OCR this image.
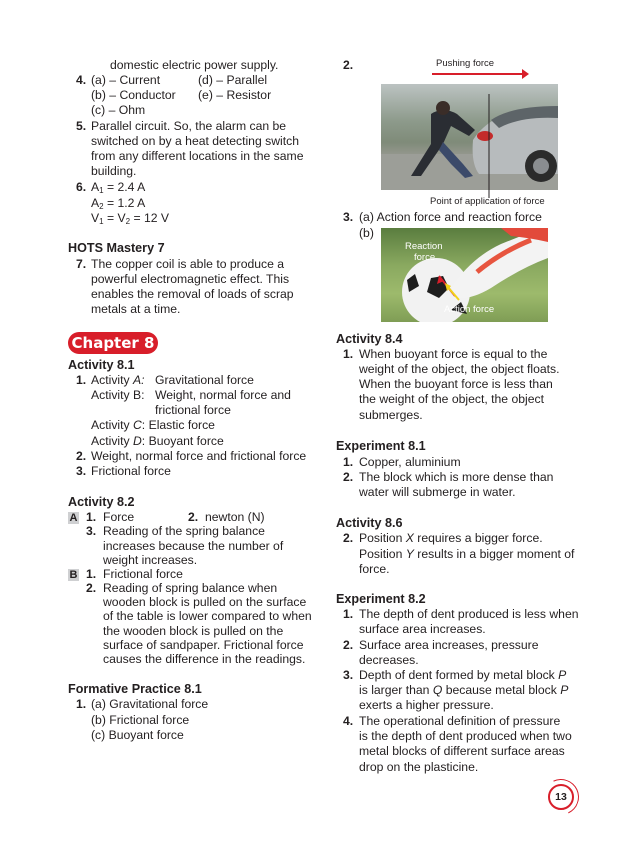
domestic electric power supply.
4. (a) – Current	(d) – Parallel
(b) – Conductor (e) – Resistor
(c) – Ohm
5. Parallel circuit. So, the alarm can be
switched on by a heat detecting switch
from any different locations in the same
building.
6. $A_1 = 2.4$ A
$A_2 = 1.2$ A
$V_1 = V_2 = 12$ V
HOTS Mastery 7
7. The copper coil is able to produce a
powerful electromagnetic effect. This
enables the removal of loads of scrap
metals at a time.
Chapter 8
Activity 8.1
1. Activity A: Gravitational force
Activity B: Weight, normal force and
frictional force
Activity C: Elastic force
Activity D: Buoyant force
2. Weight, normal force and frictional force
3. Frictional force
Activity 8.2
A 1. Force	2. newton (N)
3. Reading of the spring balance
increases because the number of
weight increases.
B 1. Frictional force
2. Reading of spring balance when
wooden block is pulled on the surface
of the table is lower compared to when
the wooden block is pulled on the
surface of sandpaper. Frictional force
causes the difference in the readings.
Formative Practice 8.1
1. (a) Gravitational force
(b) Frictional force
(c) Buoyant force
2.	Pushing force
Point of application of force
3. (a) Action force and reaction force
(b)
Reaction
force
Action force
Activity 8.4
1. When buoyant force is equal to the
weight of the object, the object floats.
When the buoyant force is less than
the weight of the object, the object
submerges.
Experiment 8.1
1. Copper, aluminium
2. The block which is more dense than
water will submerge in water.
Activity 8.6
2. Position X requires a bigger force.
Position Y results in a bigger moment of
force.
Experiment 8.2
1. The depth of dent produced is less when
surface area increases.
2. Surface area increases, pressure
decreases.
3. Depth of dent formed by metal block P
is larger than Q because metal block P
exerts a higher pressure.
4. The operational definition of pressure
is the depth of dent produced when two
metal blocks of different surface areas
drop on the plasticine.
13
